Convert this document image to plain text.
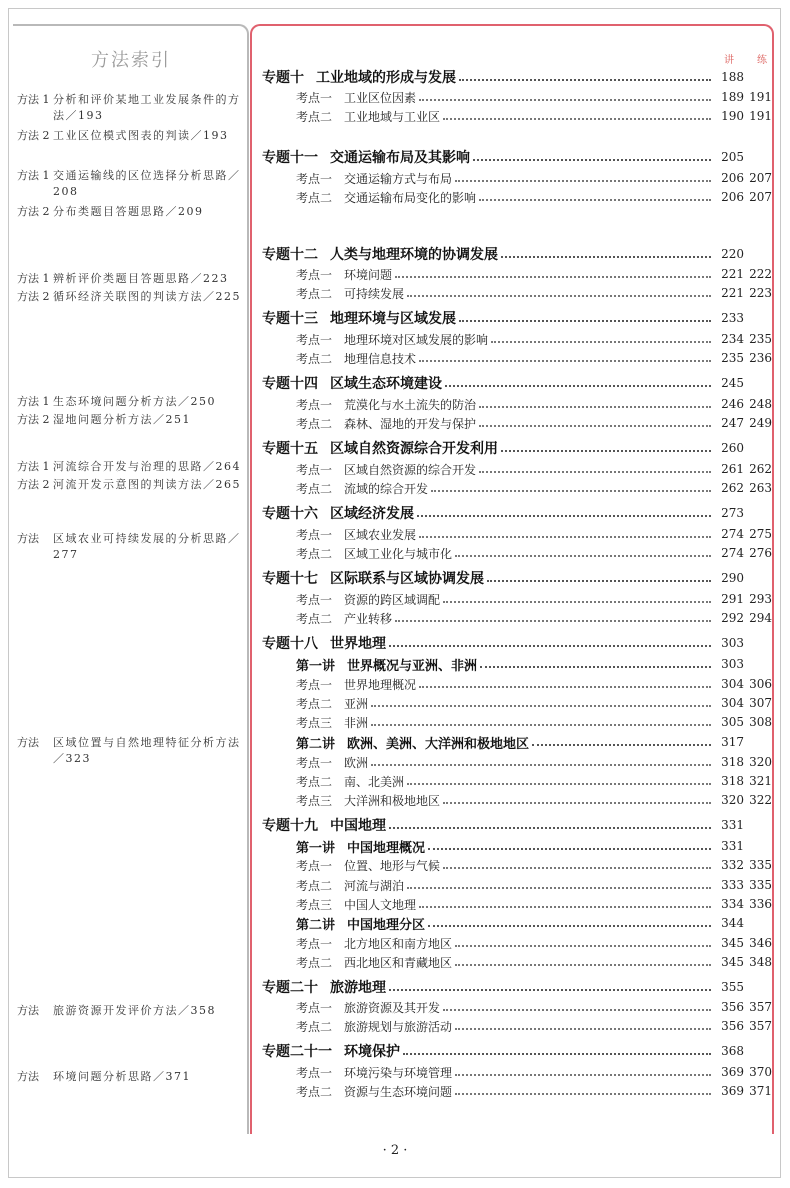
方法索引
方法 1 分析和评价某地工业发展条件的方法／193
方法 2 工业区位模式图表的判读／193
方法 1 交通运输线的区位选择分析思路／208
方法 2 分布类题目答题思路／209
方法 1 辨析评价类题目答题思路／223
方法 2 循环经济关联图的判读方法／225
方法 1 生态环境问题分析方法／250
方法 2 湿地问题分析方法／251
方法 1 河流综合开发与治理的思路／264
方法 2 河流开发示意图的判读方法／265
方法	区域农业可持续发展的分析思路／277
方法	区域位置与自然地理特征分析方法／323
方法	旅游资源开发评价方法／358
方法	环境问题分析思路／371
讲 练
专题十 工业地域的形成与发展	188
考点一 工业区位因素	189 191
考点二 工业地域与工业区	190 191
专题十一 交通运输布局及其影响	205
考点一 交通运输方式与布局	206 207
考点二 交通运输布局变化的影响	206 207
专题十二 人类与地理环境的协调发展	220
考点一 环境问题	221 222
考点二 可持续发展	221 223
专题十三 地理环境与区域发展	233
考点一 地理环境对区域发展的影响	234 235
考点二 地理信息技术	235 236
专题十四 区域生态环境建设	245
考点一 荒漠化与水土流失的防治	246 248
考点二 森林、湿地的开发与保护	247 249
专题十五 区域自然资源综合开发利用	260
考点一 区域自然资源的综合开发	261 262
考点二 流域的综合开发	262 263
专题十六 区域经济发展	273
考点一 区域农业发展	274 275
考点二 区域工业化与城市化	274 276
专题十七 区际联系与区域协调发展	290
考点一 资源的跨区域调配	291 293
考点二 产业转移	292 294
专题十八 世界地理	303
第一讲 世界概况与亚洲、非洲	303
考点一 世界地理概况	304 306
考点二 亚洲	304 307
考点三 非洲	305 308
第二讲 欧洲、美洲、大洋洲和极地地区	317
考点一 欧洲	318 320
考点二 南、北美洲	318 321
考点三 大洋洲和极地地区	320 322
专题十九 中国地理	331
第一讲 中国地理概况	331
考点一 位置、地形与气候	332 335
考点二 河流与湖泊	333 335
考点三 中国人文地理	334 336
第二讲 中国地理分区	344
考点一 北方地区和南方地区	345 346
考点二 西北地区和青藏地区	345 348
专题二十 旅游地理	355
考点一 旅游资源及其开发	356 357
考点二 旅游规划与旅游活动	356 357
专题二十一 环境保护	368
考点一 环境污染与环境管理	369 370
考点二 资源与生态环境问题	369 371
· 2 ·
